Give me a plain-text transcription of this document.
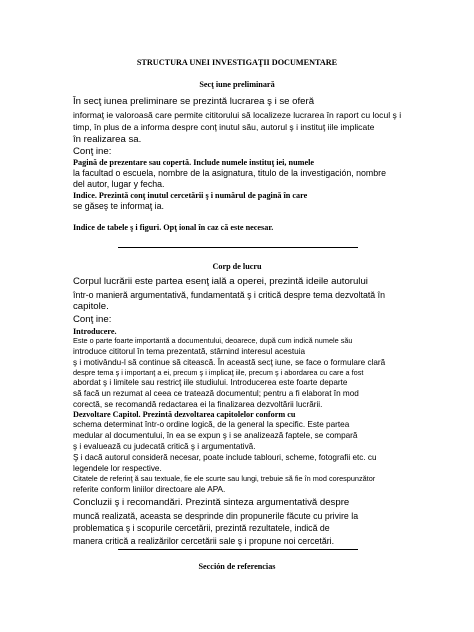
STRUCTURA UNEI INVESTIGAŢII DOCUMENTARE
Secţ iune preliminară
În secţ iunea preliminare se prezintă lucrarea ş i se oferă
informaţ ie valoroasă care permite cititorului să localizeze lucrarea în raport cu locul ş i
timp, în plus de a informa despre conţ inutul său, autorul ş i instituţ iile implicate
în realizarea sa.
Conţ ine:
Pagină de prezentare sau copertă. Include numele instituţ iei, numele
la facultad o escuela, nombre de la asignatura, titulo de la investigación, nombre
del autor, lugar y fecha.
Indice. Prezintă conţ inutul cercetării ş i numărul de pagină în care
se găseş te informaţ ia.
Indice de tabele ş i figuri. Opţ ional în caz că este necesar.
Corp de lucru
Corpul lucrării este partea esenţ ială a operei, prezintă ideile autorului
într-o manieră argumentativă, fundamentată ş i critică despre tema dezvoltată în
capitole.
Conţ ine:
Introducere.
Este o parte foarte importantă a documentului, deoarece, după cum indică numele său
introduce cititorul în tema prezentată, stârnind interesul acestuia
ş i motivându-l să continue să citească. În această secţ iune, se face o formulare clară
despre tema ş i importanţ a ei, precum ş i implicaţ iile, precum ş i abordarea cu care a fost
abordat ş i limitele sau restricţ iile studiului. Introducerea este foarte departe
să facă un rezumat al ceea ce tratează documentul; pentru a fi elaborat în mod
corectă, se recomandă redactarea ei la finalizarea dezvoltării lucrării.
Dezvoltare Capitol. Prezintă dezvoltarea capitolelor conform cu
schema determinat într-o ordine logică, de la general la specific. Este partea
medular al documentului, în ea se expun ş i se analizează faptele, se compară
ş i evaluează cu judecată critică ş i argumentativă.
Ş i dacă autorul consideră necesar, poate include tablouri, scheme, fotografii etc. cu
legendele lor respective.
Citatele de referinţ ă sau textuale, fie ele scurte sau lungi, trebuie să fie în mod corespunzător
referite conform liniilor directoare ale APA.
Concluzii ş i recomandări. Prezintă sinteza argumentativă despre
muncă realizată, aceasta se desprinde din propunerile făcute cu privire la
problematica ş i scopurile cercetării, prezintă rezultatele, indică de
manera critică a realizărilor cercetării sale ş i propune noi cercetări.
Sección de referencias
